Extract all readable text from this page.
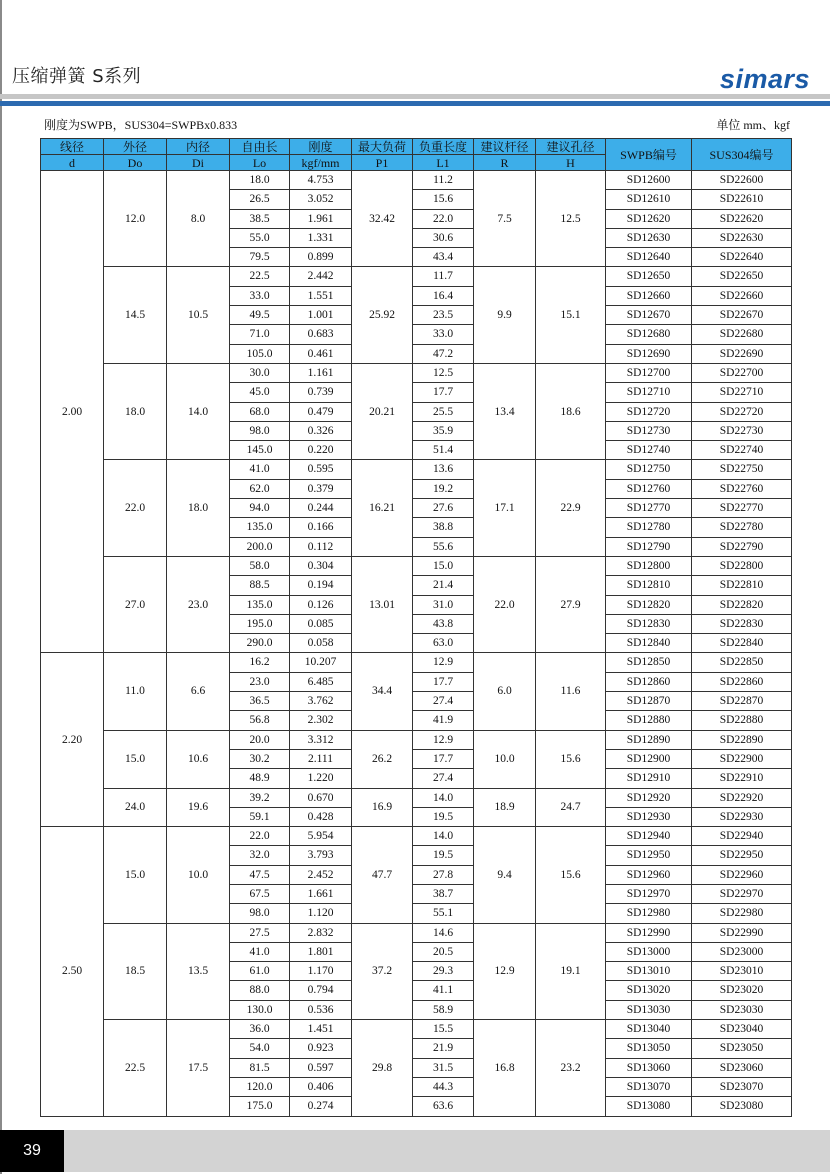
压缩弹簧 S系列	simars
刚度为SWPB，SUS304=SWPBx0.833	单位 mm、kgf
线径	外径	内径	自由长	刚度	最大负荷	负重长度	建议杆径	建议孔径	SWPB编号	SUS304编号
d	Do	Di	Lo	kgf/mm	P1	L1	R	H		
2.00	12.0	8.0	18.0	4.753	32.42	11.2	7.5	12.5	SD12600	SD22600
			26.5	3.052		15.6			SD12610	SD22610
			38.5	1.961		22.0			SD12620	SD22620
			55.0	1.331		30.6			SD12630	SD22630
			79.5	0.899		43.4			SD12640	SD22640
	14.5	10.5	22.5	2.442	25.92	11.7	9.9	15.1	SD12650	SD22650
			33.0	1.551		16.4			SD12660	SD22660
			49.5	1.001		23.5			SD12670	SD22670
			71.0	0.683		33.0			SD12680	SD22680
			105.0	0.461		47.2			SD12690	SD22690
	18.0	14.0	30.0	1.161	20.21	12.5	13.4	18.6	SD12700	SD22700
			45.0	0.739		17.7			SD12710	SD22710
			68.0	0.479		25.5			SD12720	SD22720
			98.0	0.326		35.9			SD12730	SD22730
			145.0	0.220		51.4			SD12740	SD22740
	22.0	18.0	41.0	0.595	16.21	13.6	17.1	22.9	SD12750	SD22750
			62.0	0.379		19.2			SD12760	SD22760
			94.0	0.244		27.6			SD12770	SD22770
			135.0	0.166		38.8			SD12780	SD22780
			200.0	0.112		55.6			SD12790	SD22790
	27.0	23.0	58.0	0.304	13.01	15.0	22.0	27.9	SD12800	SD22800
			88.5	0.194		21.4			SD12810	SD22810
			135.0	0.126		31.0			SD12820	SD22820
			195.0	0.085		43.8			SD12830	SD22830
			290.0	0.058		63.0			SD12840	SD22840
2.20	11.0	6.6	16.2	10.207	34.4	12.9	6.0	11.6	SD12850	SD22850
			23.0	6.485		17.7			SD12860	SD22860
			36.5	3.762		27.4			SD12870	SD22870
			56.8	2.302		41.9			SD12880	SD22880
	15.0	10.6	20.0	3.312	26.2	12.9	10.0	15.6	SD12890	SD22890
			30.2	2.111		17.7			SD12900	SD22900
			48.9	1.220		27.4			SD12910	SD22910
	24.0	19.6	39.2	0.670	16.9	14.0	18.9	24.7	SD12920	SD22920
			59.1	0.428		19.5			SD12930	SD22930
2.50	15.0	10.0	22.0	5.954	47.7	14.0	9.4	15.6	SD12940	SD22940
			32.0	3.793		19.5			SD12950	SD22950
			47.5	2.452		27.8			SD12960	SD22960
			67.5	1.661		38.7			SD12970	SD22970
			98.0	1.120		55.1			SD12980	SD22980
	18.5	13.5	27.5	2.832	37.2	14.6	12.9	19.1	SD12990	SD22990
			41.0	1.801		20.5			SD13000	SD23000
			61.0	1.170		29.3			SD13010	SD23010
			88.0	0.794		41.1			SD13020	SD23020
			130.0	0.536		58.9			SD13030	SD23030
	22.5	17.5	36.0	1.451	29.8	15.5	16.8	23.2	SD13040	SD23040
			54.0	0.923		21.9			SD13050	SD23050
			81.5	0.597		31.5			SD13060	SD23060
			120.0	0.406		44.3			SD13070	SD23070
			175.0	0.274		63.6			SD13080	SD23080
39
